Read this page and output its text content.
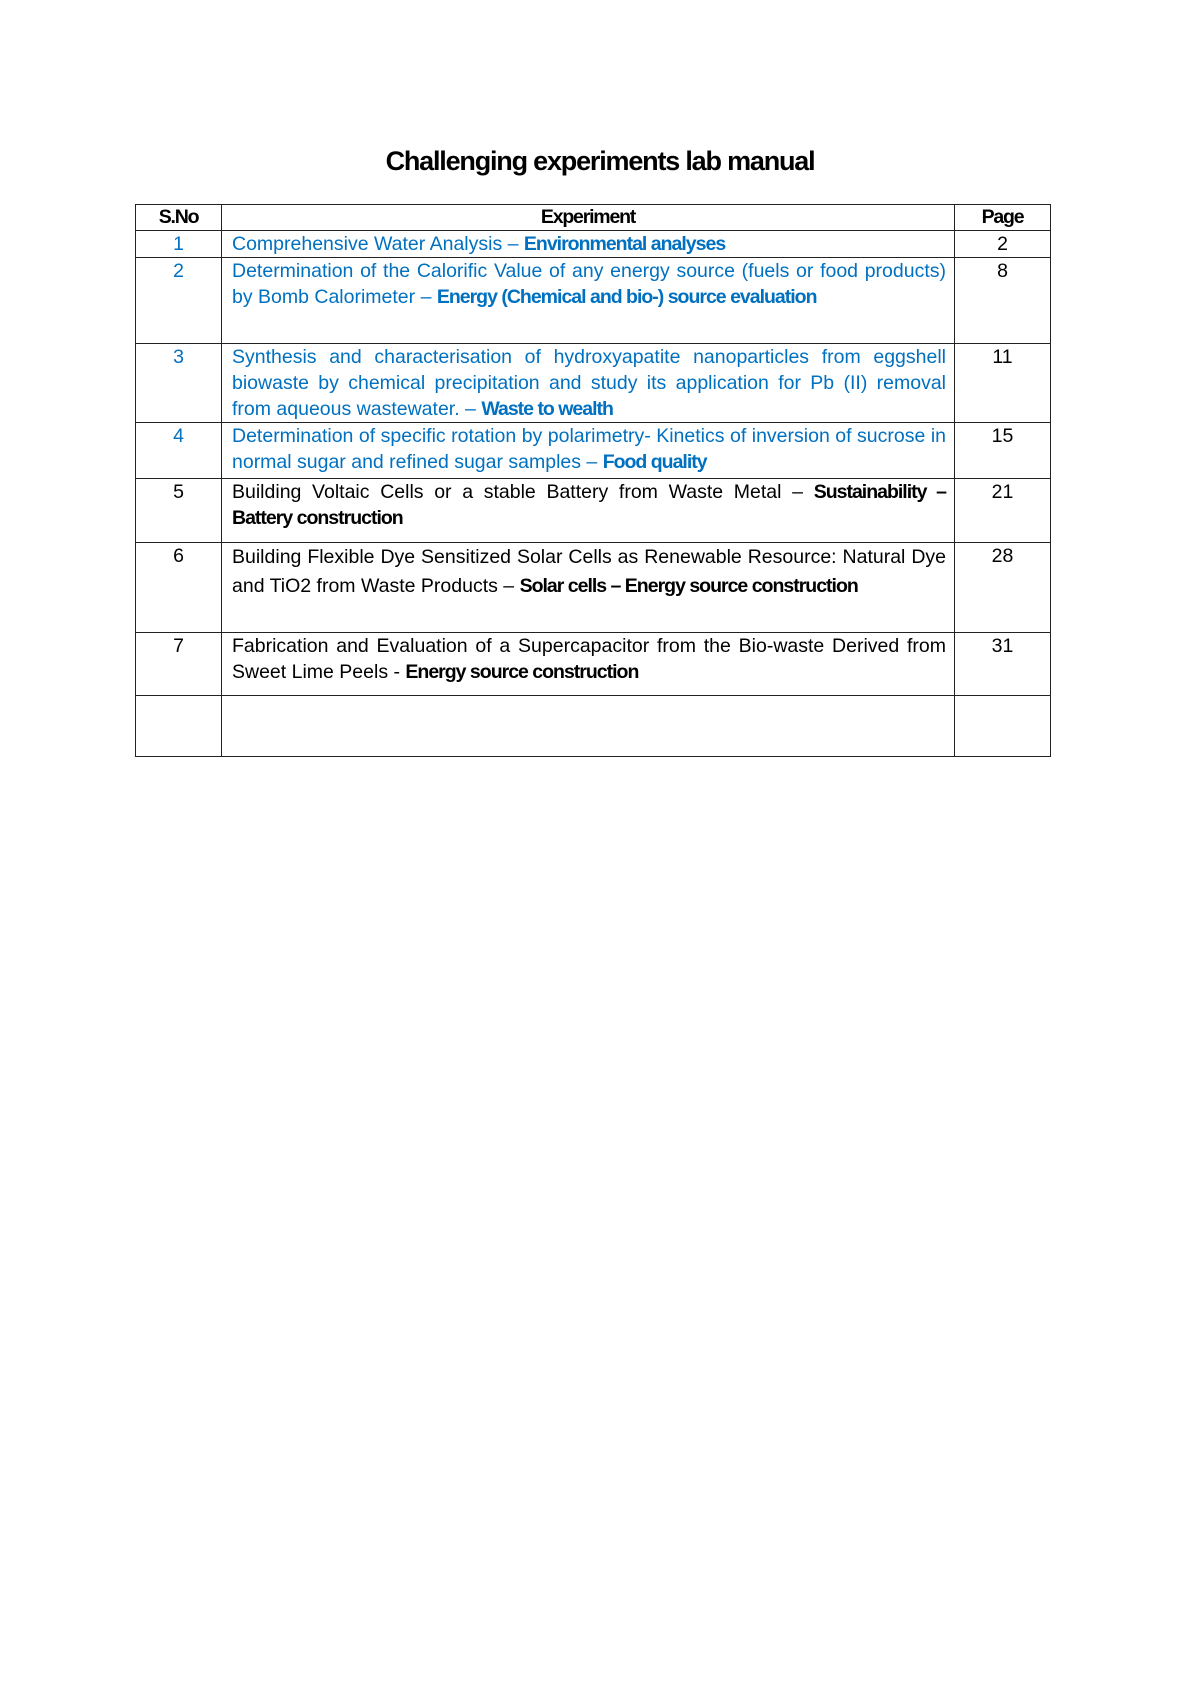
Challenging experiments lab manual
S.No	Experiment	Page
1	Comprehensive Water Analysis – Environmental analyses	2
2	Determination of the Calorific Value of any energy source (fuels or food products) by Bomb Calorimeter – Energy (Chemical and bio-) source evaluation	8
3	Synthesis and characterisation of hydroxyapatite nanoparticles from eggshell biowaste by chemical precipitation and study its application for Pb (II) removal from aqueous wastewater. – Waste to wealth	11
4	Determination of specific rotation by polarimetry- Kinetics of inversion of sucrose in normal sugar and refined sugar samples – Food quality	15
5	Building Voltaic Cells or a stable Battery from Waste Metal – Sustainability – Battery construction	21
6	Building Flexible Dye Sensitized Solar Cells as Renewable Resource: Natural Dye and TiO2 from Waste Products – Solar cells – Energy source construction	28
7	Fabrication and Evaluation of a Supercapacitor from the Bio-waste Derived from Sweet Lime Peels - Energy source construction	31
